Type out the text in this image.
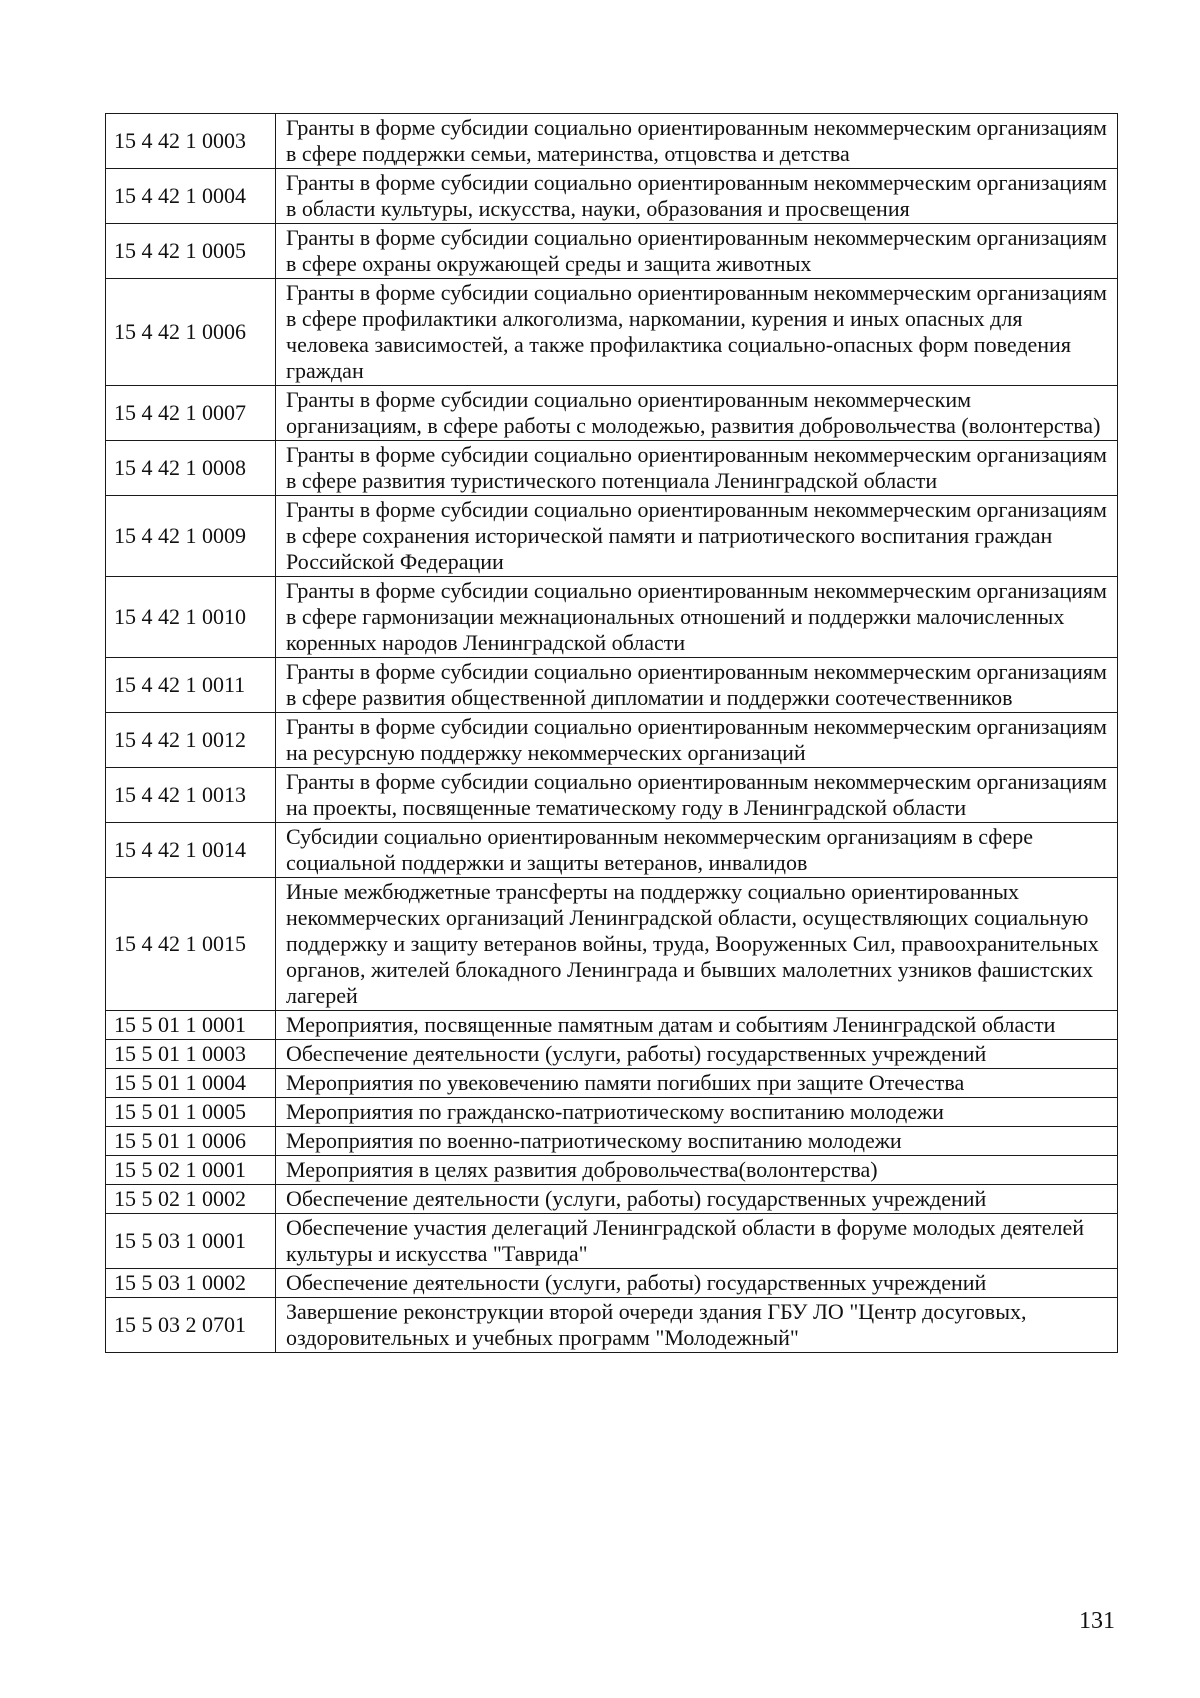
15 4 42 1 0003	Гранты в форме субсидии социально ориентированным некоммерческим организациям в сфере поддержки семьи, материнства, отцовства и детства
15 4 42 1 0004	Гранты в форме субсидии социально ориентированным некоммерческим организациям в области культуры, искусства, науки, образования и просвещения
15 4 42 1 0005	Гранты в форме субсидии социально ориентированным некоммерческим организациям в сфере охраны окружающей среды и защита животных
15 4 42 1 0006	Гранты в форме субсидии социально ориентированным некоммерческим организациям в сфере профилактики алкоголизма, наркомании, курения и иных опасных для человека зависимостей, а также профилактика социально-опасных форм поведения граждан
15 4 42 1 0007	Гранты в форме субсидии социально ориентированным некоммерческим организациям, в сфере работы с молодежью, развития добровольчества (волонтерства)
15 4 42 1 0008	Гранты в форме субсидии социально ориентированным некоммерческим организациям в сфере развития туристического потенциала Ленинградской области
15 4 42 1 0009	Гранты в форме субсидии социально ориентированным некоммерческим организациям в сфере сохранения исторической памяти и патриотического воспитания граждан Российской Федерации
15 4 42 1 0010	Гранты в форме субсидии социально ориентированным некоммерческим организациям в сфере гармонизации межнациональных отношений и поддержки малочисленных коренных народов Ленинградской области
15 4 42 1 0011	Гранты в форме субсидии социально ориентированным некоммерческим организациям в сфере развития общественной дипломатии и поддержки соотечественников
15 4 42 1 0012	Гранты в форме субсидии социально ориентированным некоммерческим организациям на ресурсную поддержку некоммерческих организаций
15 4 42 1 0013	Гранты в форме субсидии социально ориентированным некоммерческим организациям на проекты, посвященные тематическому году в Ленинградской области
15 4 42 1 0014	Субсидии социально ориентированным некоммерческим организациям в сфере социальной поддержки и защиты ветеранов, инвалидов
15 4 42 1 0015	Иные межбюджетные трансферты на поддержку социально ориентированных некоммерческих организаций Ленинградской области, осуществляющих социальную поддержку и защиту ветеранов войны, труда, Вооруженных Сил, правоохранительных органов, жителей блокадного Ленинграда и бывших малолетних узников фашистских лагерей
15 5 01 1 0001	Мероприятия, посвященные памятным датам и событиям Ленинградской области
15 5 01 1 0003	Обеспечение деятельности (услуги, работы) государственных учреждений
15 5 01 1 0004	Мероприятия по увековечению памяти погибших при защите Отечества
15 5 01 1 0005	Мероприятия по гражданско-патриотическому воспитанию молодежи
15 5 01 1 0006	Мероприятия по военно-патриотическому воспитанию молодежи
15 5 02 1 0001	Мероприятия в целях развития добровольчества(волонтерства)
15 5 02 1 0002	Обеспечение деятельности (услуги, работы) государственных учреждений
15 5 03 1 0001	Обеспечение участия делегаций Ленинградской области в форуме молодых деятелей культуры и искусства "Таврида"
15 5 03 1 0002	Обеспечение деятельности (услуги, работы) государственных учреждений
15 5 03 2 0701	Завершение реконструкции второй очереди здания ГБУ ЛО "Центр досуговых, оздоровительных и учебных программ "Молодежный"
131
